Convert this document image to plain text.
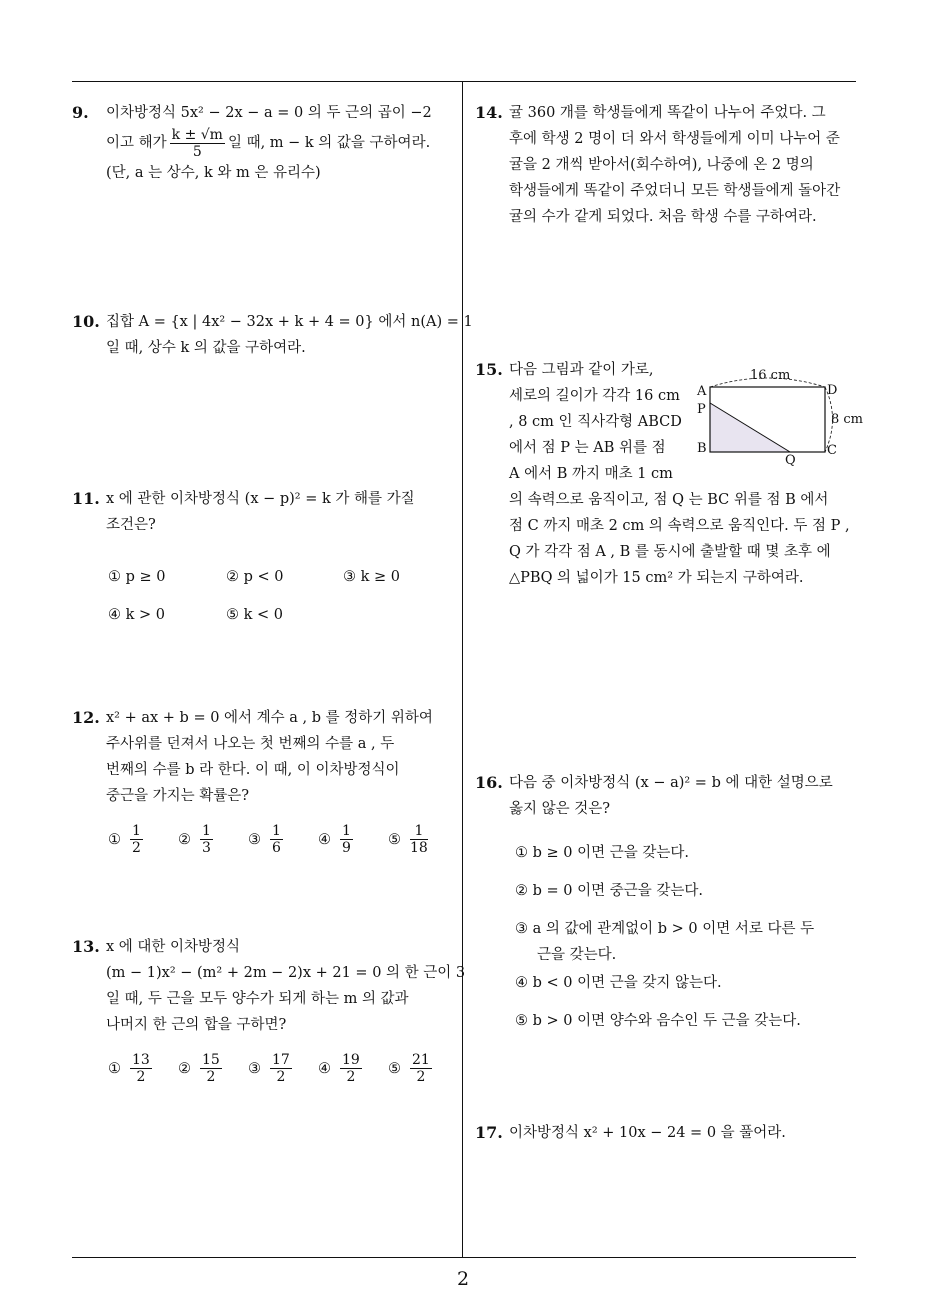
9. 이차방정식 5x² − 2x − a = 0 의 두 근의 곱이 −2
이고 해가 $\frac{k \pm √m}{5}$ 일 때, m − k 의 값을 구하여라.
(단, a 는 상수, k 와 m 은 유리수)
10. 집합 A = {x | 4x² − 32x + k + 4 = 0} 에서 n(A) = 1
일 때, 상수 k 의 값을 구하여라.
11. x 에 관한 이차방정식 (x − p)² = k 가 해를 가질
조건은?
① p ≥ 0	② p < 0	③ k ≥ 0
④ k > 0	⑤ k < 0
12. x² + ax + b = 0 에서 계수 a , b 를 정하기 위하여
주사위를 던져서 나오는 첫 번째의 수를 a , 두
번째의 수를 b 라 한다. 이 때, 이 이차방정식이
중근을 가지는 확률은?
① $\frac{1}{2}$ ② $\frac{1}{3}$ ③ $\frac{1}{6}$ ④ $\frac{1}{9}$ ⑤ $\frac{1}{18}$
13. x 에 대한 이차방정식
(m − 1)x² − (m² + 2m − 2)x + 21 = 0 의 한 근이 3
일 때, 두 근을 모두 양수가 되게 하는 m 의 값과
나머지 한 근의 합을 구하면?
① $\frac{13}{2}$ ② $\frac{15}{2}$ ③ $\frac{17}{2}$ ④ $\frac{19}{2}$ ⑤ $\frac{21}{2}$
14. 귤 360 개를 학생들에게 똑같이 나누어 주었다. 그
후에 학생 2 명이 더 와서 학생들에게 이미 나누어 준
귤을 2 개씩 받아서(회수하여), 나중에 온 2 명의
학생들에게 똑같이 주었더니 모든 학생들에게 돌아간
귤의 수가 같게 되었다. 처음 학생 수를 구하여라.
15. 다음 그림과 같이 가로,
세로의 길이가 각각 16 cm
, 8 cm 인 직사각형 ABCD
에서 점 P 는 AB 위를 점
A 에서 B 까지 매초 1 cm
의 속력으로 움직이고, 점 Q 는 BC 위를 점 B 에서
점 C 까지 매초 2 cm 의 속력으로 움직인다. 두 점 P ,
Q 가 각각 점 A , B 를 동시에 출발할 때 몇 초후 에
△PBQ 의 넓이가 15 cm² 가 되는지 구하여라.
16 cm
8 cm
A
P
B
Q
C
D
16. 다음 중 이차방정식 (x − a)² = b 에 대한 설명으로
옳지 않은 것은?
① b ≥ 0 이면 근을 갖는다.
② b = 0 이면 중근을 갖는다.
③ a 의 값에 관계없이 b > 0 이면 서로 다른 두
근을 갖는다.
④ b < 0 이면 근을 갖지 않는다.
⑤ b > 0 이면 양수와 음수인 두 근을 갖는다.
17. 이차방정식 x² + 10x − 24 = 0 을 풀어라.
2
